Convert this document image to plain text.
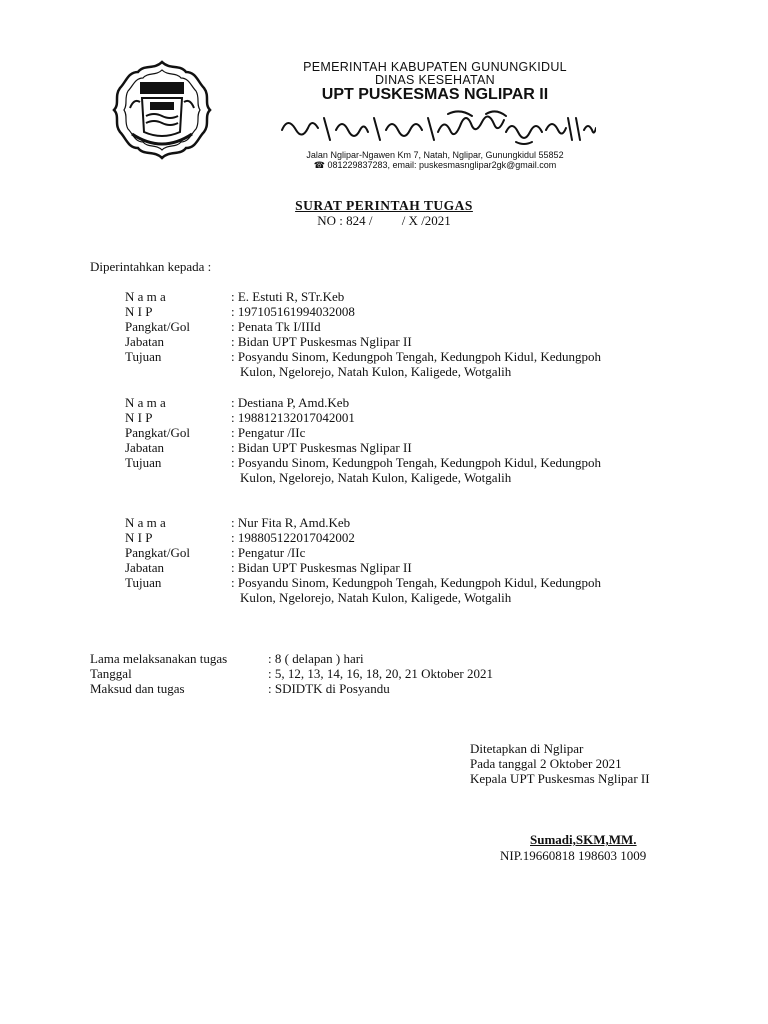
PEMERINTAH KABUPATEN GUNUNGKIDUL
DINAS KESEHATAN
UPT PUSKESMAS NGLIPAR II
Jalan Nglipar-Ngawen Km 7, Natah, Nglipar, Gunungkidul 55852
☎ 081229837283, email: puskesmasnglipar2gk@gmail.com
SURAT PERINTAH TUGAS
NO : 824 /         / X /2021
Diperintahkan kepada :
N a m a	: E. Estuti R, STr.Keb
N I P	: 197105161994032008
Pangkat/Gol	: Penata Tk I/IIId
Jabatan	: Bidan UPT Puskesmas Nglipar II
Tujuan	: Posyandu Sinom, Kedungpoh Tengah, Kedungpoh Kidul, Kedungpoh
Kulon, Ngelorejo, Natah Kulon, Kaligede, Wotgalih
N a m a	: Destiana P, Amd.Keb
N I P	: 198812132017042001
Pangkat/Gol	: Pengatur /IIc
Jabatan	: Bidan UPT Puskesmas Nglipar II
Tujuan	: Posyandu Sinom, Kedungpoh Tengah, Kedungpoh Kidul, Kedungpoh
Kulon, Ngelorejo, Natah Kulon, Kaligede, Wotgalih
N a m a	: Nur Fita R, Amd.Keb
N I P	: 198805122017042002
Pangkat/Gol	: Pengatur /IIc
Jabatan	: Bidan UPT Puskesmas Nglipar II
Tujuan	: Posyandu Sinom, Kedungpoh Tengah, Kedungpoh Kidul, Kedungpoh
Kulon, Ngelorejo, Natah Kulon, Kaligede, Wotgalih
Lama melaksanakan tugas	: 8 ( delapan ) hari
Tanggal	: 5, 12, 13, 14, 16, 18, 20, 21 Oktober 2021
Maksud dan tugas	: SDIDTK di Posyandu
Ditetapkan di Nglipar
Pada tanggal 2 Oktober 2021
Kepala UPT Puskesmas Nglipar II
Sumadi,SKM,MM.
NIP.19660818 198603 1009
